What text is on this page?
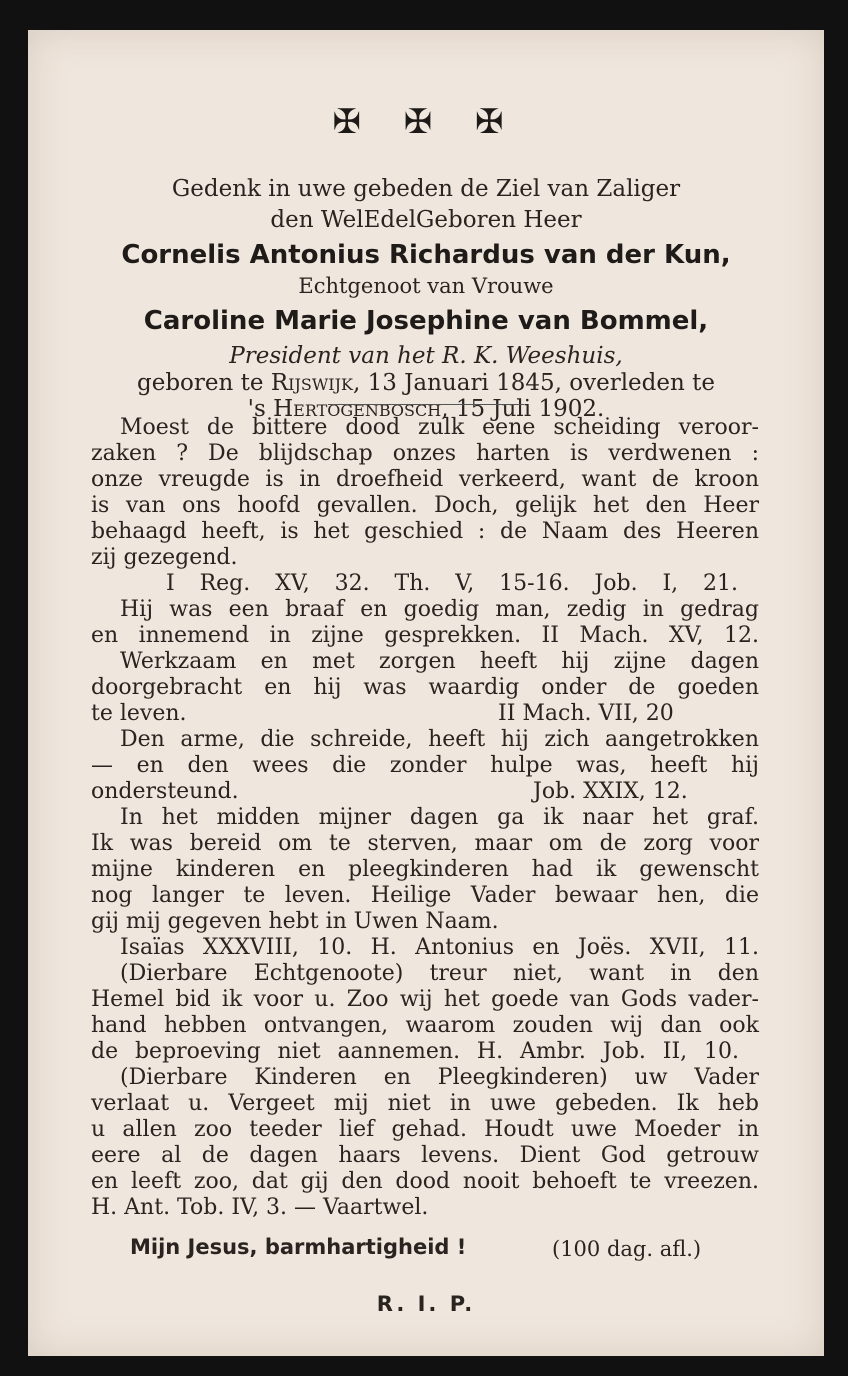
✠ ✠ ✠
Gedenk in uwe gebeden de Ziel van Zaliger
den WelEdelGeboren Heer
Cornelis Antonius Richardus van der Kun,
Echtgenoot van Vrouwe
Caroline Marie Josephine van Bommel,
President van het R. K. Weeshuis,
geboren te Rijswijk, 13 Januari 1845, overleden te
's Hertogenbosch, 15 Juli 1902.
Moest de bittere dood zulk eene scheiding veroor-
zaken ? De blijdschap onzes harten is verdwenen :
onze vreugde is in droefheid verkeerd, want de kroon
is van ons hoofd gevallen. Doch, gelijk het den Heer
behaagd heeft, is het geschied : de Naam des Heeren
zij gezegend.
I Reg. XV, 32. Th. V, 15-16. Job. I, 21.
Hij was een braaf en goedig man, zedig in gedrag
en innemend in zijne gesprekken. II Mach. XV, 12.
Werkzaam en met zorgen heeft hij zijne dagen
doorgebracht en hij was waardig onder de goeden
te leven.	II Mach. VII, 20
Den arme, die schreide, heeft hij zich aangetrokken
— en den wees die zonder hulpe was, heeft hij
ondersteund.	Job. XXIX, 12.
In het midden mijner dagen ga ik naar het graf.
Ik was bereid om te sterven, maar om de zorg voor
mijne kinderen en pleegkinderen had ik gewenscht
nog langer te leven. Heilige Vader bewaar hen, die
gij mij gegeven hebt in Uwen Naam.
Isaïas XXXVIII, 10. H. Antonius en Joës. XVII, 11.
(Dierbare Echtgenoote) treur niet, want in den
Hemel bid ik voor u. Zoo wij het goede van Gods vader-
hand hebben ontvangen, waarom zouden wij dan ook
de beproeving niet aannemen. H. Ambr. Job. II, 10.
(Dierbare Kinderen en Pleegkinderen) uw Vader
verlaat u. Vergeet mij niet in uwe gebeden. Ik heb
u allen zoo teeder lief gehad. Houdt uwe Moeder in
eere al de dagen haars levens. Dient God getrouw
en leeft zoo, dat gij den dood nooit behoeft te vreezen.
H. Ant. Tob. IV, 3. — Vaartwel.
Mijn Jesus, barmhartigheid !	(100 dag. afl.)
R. I. P.
